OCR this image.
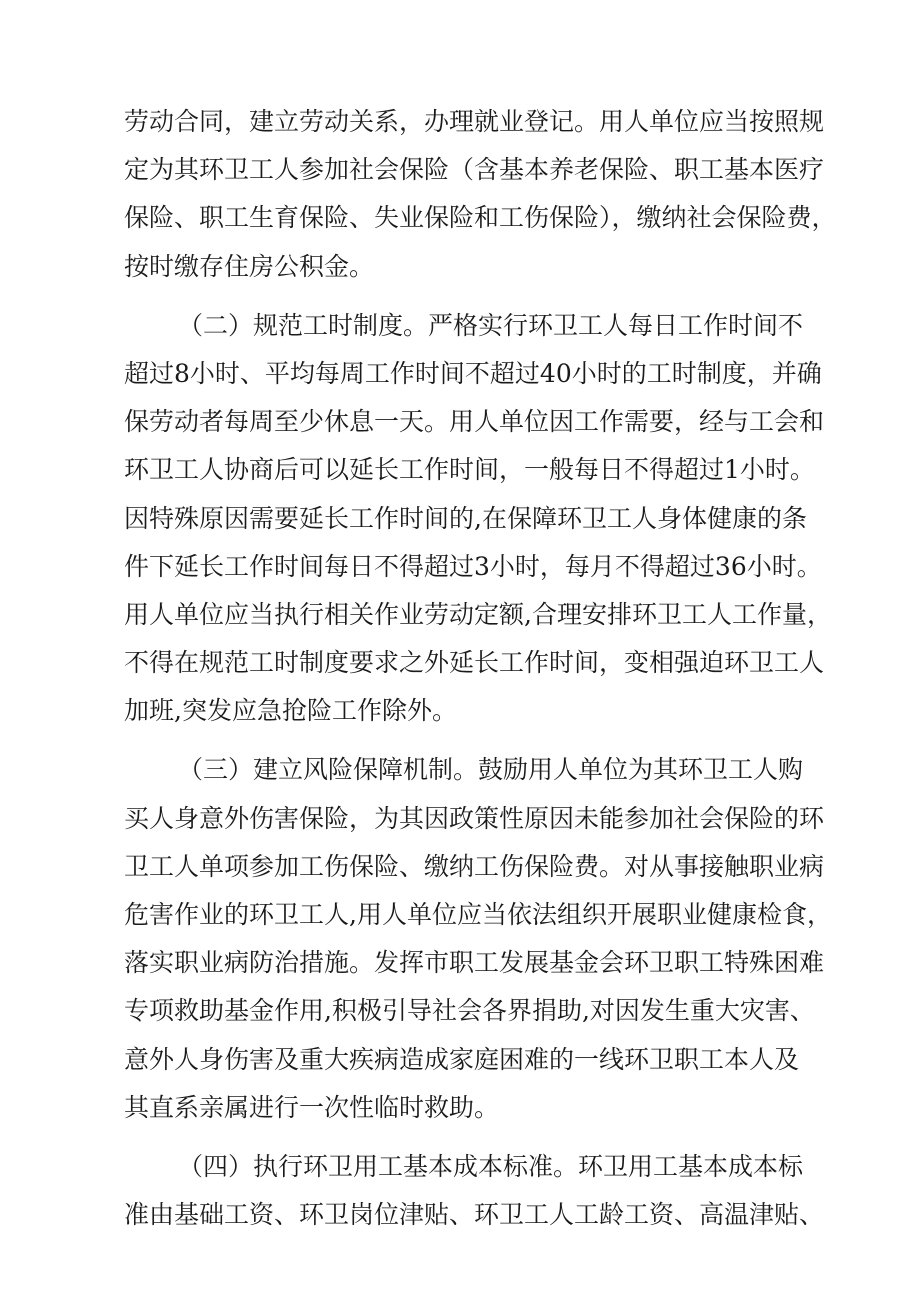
劳动合同，建立劳动关系，办理就业登记。用人单位应当按照规
定为其环卫工人参加社会保险（含基本养老保险、职工基本医疗
保险、职工生育保险、失业保险和工伤保险），缴纳社会保险费，
按时缴存住房公积金。
（二）规范工时制度。严格实行环卫工人每日工作时间不
超过8小时、平均每周工作时间不超过40小时的工时制度，并确
保劳动者每周至少休息一天。用人单位因工作需要，经与工会和
环卫工人协商后可以延长工作时间，一般每日不得超过1小时。
因特殊原因需要延长工作时间的,在保障环卫工人身体健康的条
件下延长工作时间每日不得超过3小时，每月不得超过36小时。
用人单位应当执行相关作业劳动定额,合理安排环卫工人工作量，
不得在规范工时制度要求之外延长工作时间，变相强迫环卫工人
加班,突发应急抢险工作除外。
（三）建立风险保障机制。鼓励用人单位为其环卫工人购
买人身意外伤害保险，为其因政策性原因未能参加社会保险的环
卫工人单项参加工伤保险、缴纳工伤保险费。对从事接触职业病
危害作业的环卫工人,用人单位应当依法组织开展职业健康检食，
落实职业病防治措施。发挥市职工发展基金会环卫职工特殊困难
专项救助基金作用,积极引导社会各界捐助,对因发生重大灾害、
意外人身伤害及重大疾病造成家庭困难的一线环卫职工本人及
其直系亲属进行一次性临时救助。
（四）执行环卫用工基本成本标准。环卫用工基本成本标
准由基础工资、环卫岗位津贴、环卫工人工龄工资、高温津贴、
